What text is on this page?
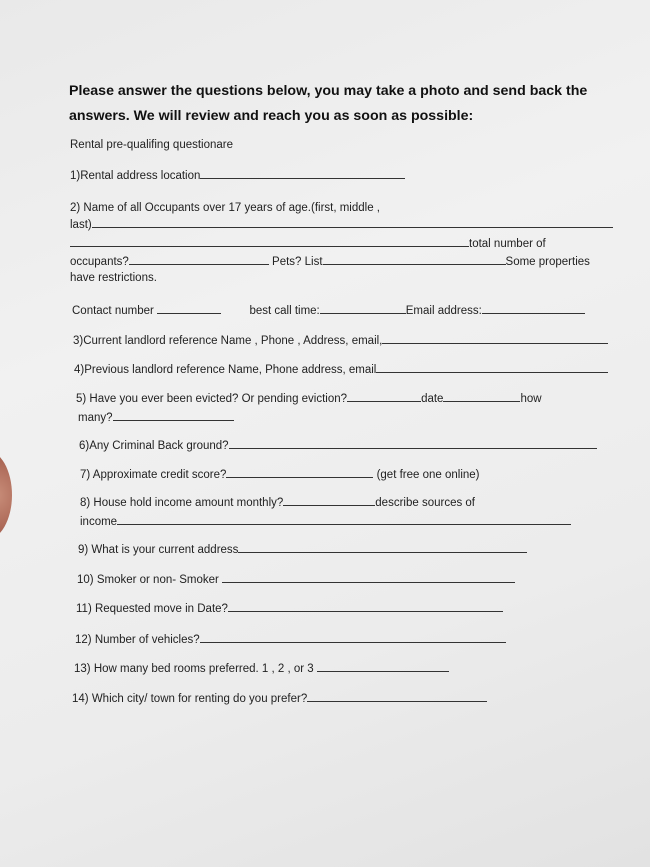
Please answer the questions below, you may take a photo and send back the answers. We will review and reach you as soon as possible:
Rental pre-qualifing questionare
1)Rental address location
2) Name of all Occupants over 17 years of age.(first, middle ,
last)
total number of
occupants?	Pets? List	Some properties
have restrictions.
Contact number	best call time:	Email address:
3)Current landlord reference Name , Phone , Address, email,
4)Previous landlord reference Name, Phone address, email
5) Have you ever been evicted? Or pending eviction?	date	how
many?
6)Any Criminal Back ground?
7) Approximate credit score?	(get free one online)
8) House hold income amount monthly?	describe sources of
income
9) What is your current address
10) Smoker or non- Smoker
11) Requested move in Date?
12) Number of vehicles?
13) How many bed rooms preferred. 1 , 2 , or 3
14) Which city/ town for renting do you prefer?
